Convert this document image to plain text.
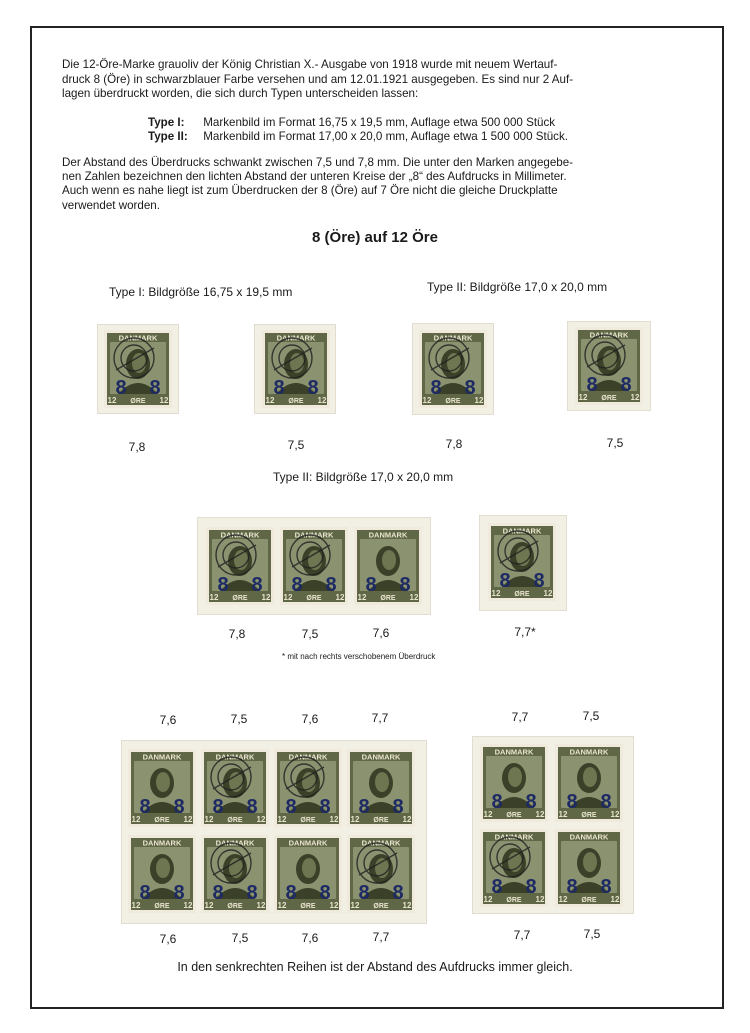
Die 12-Öre-Marke grauoliv der König Christian X.- Ausgabe von 1918 wurde mit neuem Wertauf-

druck 8 (Öre) in schwarzblauer Farbe versehen und am 12.01.1921 ausgegeben. Es sind nur 2 Auf-

lagen überdruckt worden, die sich durch Typen unterscheiden lassen:

Type I: Markenbild im Format 16,75 x 19,5 mm, Auflage etwa 500 000 Stück
Type II: Markenbild im Format 17,00 x 20,0 mm, Auflage etwa 1 500 000 Stück.

Der Abstand des Überdrucks schwankt zwischen 7,5 und 7,8 mm. Die unter den Marken angegebe-

nen Zahlen bezeichnen den lichten Abstand der unteren Kreise der „8“ des Aufdrucks in Millimeter.

Auch wenn es nahe liegt ist zum Überdrucken der 8 (Öre) auf 7 Öre nicht die gleiche Druckplatte

verwendet worden.

8 (Öre) auf 12 Öre
Type I: Bildgröße 16,75 x 19,5 mm	Type II: Bildgröße 17,0 x 20,0 mm
DANMARK
ØRE
12	12
8 8
DANMARK
ØRE
12	12
8 8
DANMARK
ØRE
12	12
8 8
DANMARK
ØRE
12	12
8 8
7,8	7,5	7,8	7,5
Type II: Bildgröße 17,0 x 20,0 mm
DANMARK
ØRE
12	12
8 8
DANMARK
ØRE
12	12
8 8
DANMARK
ØRE
12	12
8 8
DANMARK
ØRE
12	12
8 8
7,8	7,5	7,6	7,7*
* mit nach rechts verschobenem Überdruck
7,6	7,5	7,6	7,7	7,7	7,5
DANMARK
ØRE
12	12
8 8
DANMARK
ØRE
12	12
8 8
DANMARK
ØRE
12	12
8 8
DANMARK
ØRE
12	12
8 8
DANMARK
ØRE
12	12
8 8
DANMARK
ØRE
12	12
8 8
DANMARK
ØRE
12	12
8 8
DANMARK
ØRE
12	12
8 8
DANMARK
ØRE
12	12
8 8
DANMARK
ØRE
12	12
8 8
DANMARK
ØRE
12	12
8 8
DANMARK
ØRE
12	12
8 8
7,6	7,5	7,6	7,7	7,7	7,5
In den senkrechten Reihen ist der Abstand des Aufdrucks immer gleich.
